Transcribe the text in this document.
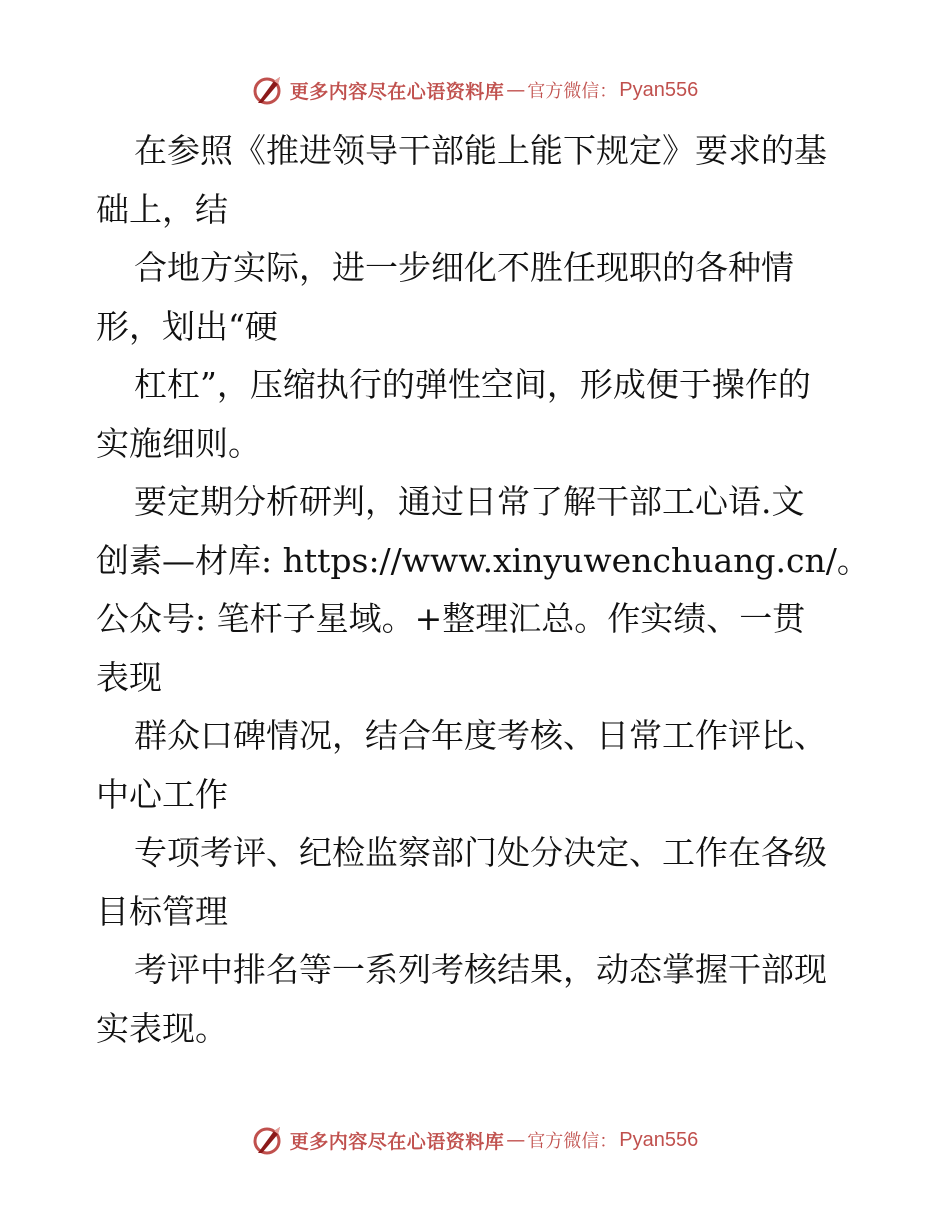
更多内容尽在心语资料库 — 官方微信： Pyan556
在参照《推进领导干部能上能下规定》要求的基
础上，结
合地方实际，进一步细化不胜任现职的各种情
形，划出“硬
杠杠”，压缩执行的弹性空间，形成便于操作的
实施细则。
要定期分析研判，通过日常了解干部工心语.文
创素—材库: https://www.xinyuwenchuang.cn/。
公众号: 笔杆子星域。+整理汇总。作实绩、一贯
表现
群众口碑情况，结合年度考核、日常工作评比、
中心工作
专项考评、纪检监察部门处分决定、工作在各级
目标管理
考评中排名等一系列考核结果，动态掌握干部现
实表现。
更多内容尽在心语资料库 — 官方微信： Pyan556
